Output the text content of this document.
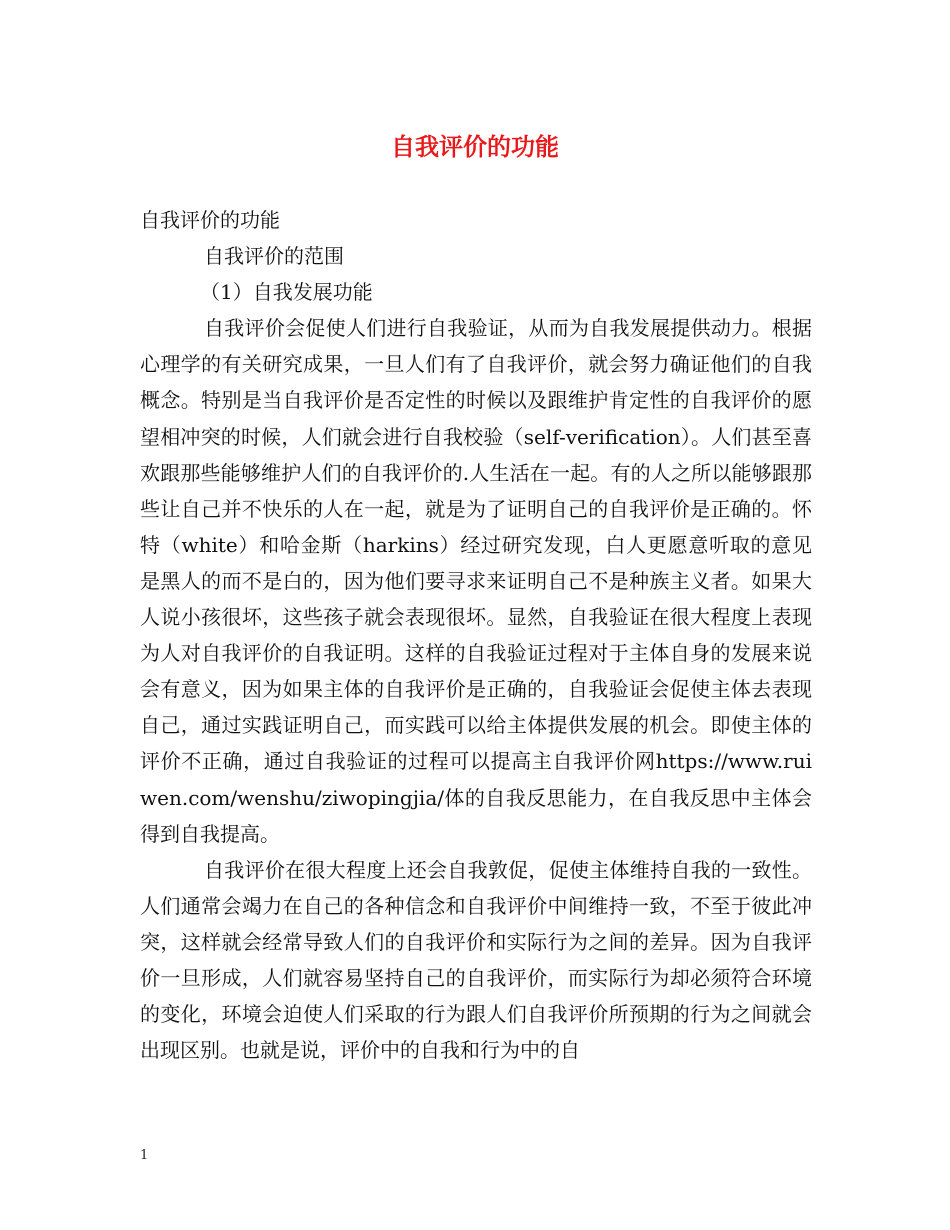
自我评价的功能

自我评价的功能

自我评价的范围

（1）自我发展功能

自我评价会促使人们进行自我验证，从而为自我发展提供动力。根据心理学的有关研究成果，一旦人们有了自我评价，就会努力确证他们的自我概念。特别是当自我评价是否定性的时候以及跟维护肯定性的自我评价的愿望相冲突的时候，人们就会进行自我校验（self-verification）。人们甚至喜欢跟那些能够维护人们的自我评价的.人生活在一起。有的人之所以能够跟那些让自己并不快乐的人在一起，就是为了证明自己的自我评价是正确的。怀特（white）和哈金斯（harkins）经过研究发现，白人更愿意听取的意见是黑人的而不是白的，因为他们要寻求来证明自己不是种族主义者。如果大人说小孩很坏，这些孩子就会表现很坏。显然，自我验证在很大程度上表现为人对自我评价的自我证明。这样的自我验证过程对于主体自身的发展来说会有意义，因为如果主体的自我评价是正确的，自我验证会促使主体去表现自己，通过实践证明自己，而实践可以给主体提供发展的机会。即使主体的评价不正确，通过自我验证的过程可以提高主自我评价网https://www.ruiwen.com/wenshu/ziwopingjia/体的自我反思能力，在自我反思中主体会得到自我提高。

自我评价在很大程度上还会自我敦促，促使主体维持自我的一致性。人们通常会竭力在自己的各种信念和自我评价中间维持一致，不至于彼此冲突，这样就会经常导致人们的自我评价和实际行为之间的差异。因为自我评价一旦形成，人们就容易坚持自己的自我评价，而实际行为却必须符合环境的变化，环境会迫使人们采取的行为跟人们自我评价所预期的行为之间就会出现区别。也就是说，评价中的自我和行为中的自

1
